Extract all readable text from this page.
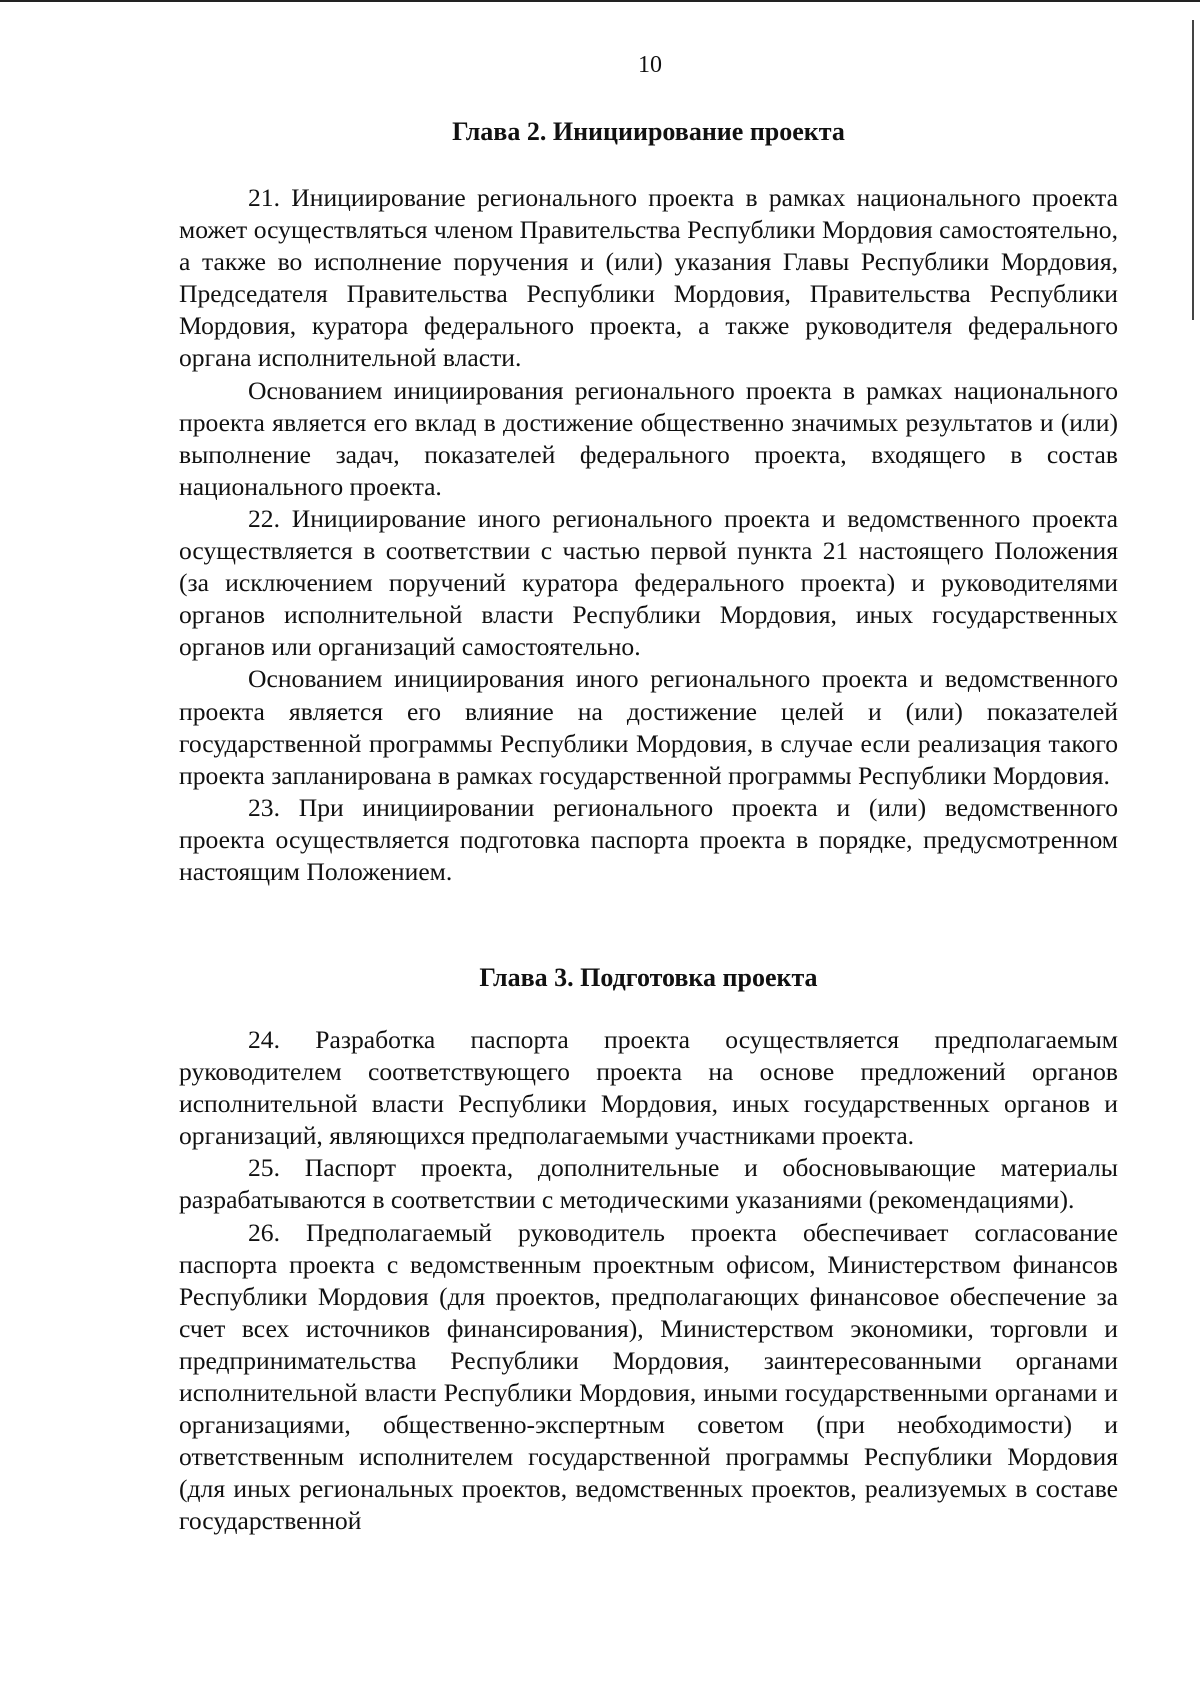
10
Глава 2. Инициирование проекта

21. Инициирование регионального проекта в рамках национального проекта может осуществляться членом Правительства Республики Мордовия самостоятельно, а также во исполнение поручения и (или) указания Главы Республики Мордовия, Председателя Правительства Республики Мордовия, Правительства Республики Мордовия, куратора федерального проекта, а также руководителя федерального органа исполнительной власти.

Основанием инициирования регионального проекта в рамках национального проекта является его вклад в достижение общественно значимых результатов и (или) выполнение задач, показателей федерального проекта, входящего в состав национального проекта.

22. Инициирование иного регионального проекта и ведомственного проекта осуществляется в соответствии с частью первой пункта 21 настоящего Положения (за исключением поручений куратора федерального проекта) и руководителями органов исполнительной власти Республики Мордовия, иных государственных органов или организаций самостоятельно.

Основанием инициирования иного регионального проекта и ведомственного проекта является его влияние на достижение целей и (или) показателей государственной программы Республики Мордовия, в случае если реализация такого проекта запланирована в рамках государственной программы Республики Мордовия.

23. При инициировании регионального проекта и (или) ведомственного проекта осуществляется подготовка паспорта проекта в порядке, предусмотренном настоящим Положением.

Глава 3. Подготовка проекта

24. Разработка паспорта проекта осуществляется предполагаемым руководителем соответствующего проекта на основе предложений органов исполнительной власти Республики Мордовия, иных государственных органов и организаций, являющихся предполагаемыми участниками проекта.

25. Паспорт проекта, дополнительные и обосновывающие материалы разрабатываются в соответствии с методическими указаниями (рекомендациями).

26. Предполагаемый руководитель проекта обеспечивает согласование паспорта проекта с ведомственным проектным офисом, Министерством финансов Республики Мордовия (для проектов, предполагающих финансовое обеспечение за счет всех источников финансирования), Министерством экономики, торговли и предпринимательства Республики Мордовия, заинтересованными органами исполнительной власти Республики Мордовия, иными государственными органами и организациями, общественно-экспертным советом (при необходимости) и ответственным исполнителем государственной программы Республики Мордовия (для иных региональных проектов, ведомственных проектов, реализуемых в составе государственной
